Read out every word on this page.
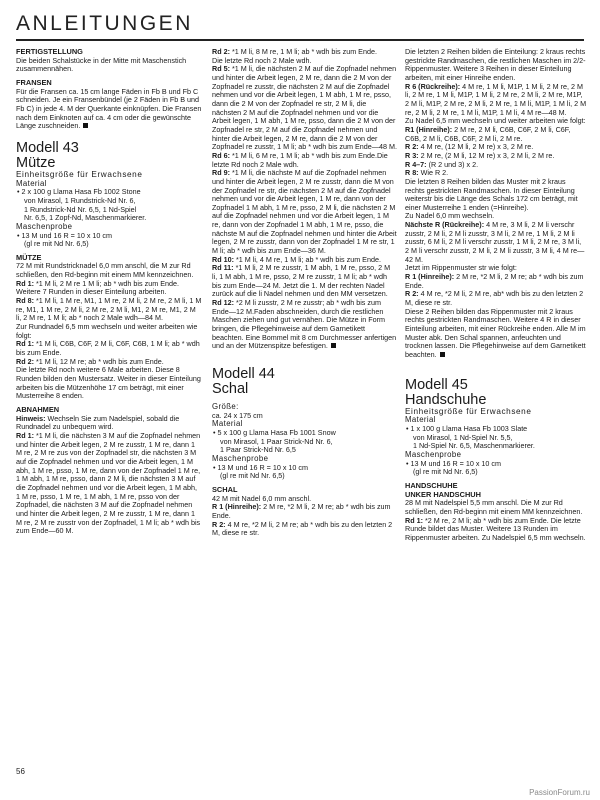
ANLEITUNGEN

FERTIGSTELLUNG

Die beiden Schalstücke in der Mitte mit Maschenstich zusammennähen.

FRANSEN

Für die Fransen ca. 15 cm lange Fäden in Fb B und Fb C schneiden. Je ein Fransenbündel (je 2 Fäden in Fb B und Fb C) in jede 4. M der Querkante einknüpfen. Die Fransen nach dem Einknoten auf ca. 4 cm oder die gewünschte Länge zuschneiden.

Modell 43
Mütze

Einheitsgröße für Erwachsene

Material

• 2 x 100 g Llama Hasa Fb 1002 Stone

von Mirasol, 1 Rundstrick-Nd Nr. 6,

1 Rundstrick-Nd Nr. 6,5, 1 Nd-Spiel

Nr. 6,5, 1 Zopf-Nd, Maschenmarkierer.

Maschenprobe

• 13 M und 16 R = 10 x 10 cm

(gl re mit Nd Nr. 6,5)

MÜTZE

72 M mit Rundstricknadel 6,0 mm anschl, die M zur Rd schließen, den Rd-beginn mit einem MM kennzeichnen.

Rd 1: *1 M li, 2 M re 1 M li; ab * wdh bis zum Ende.

Weitere 7 Runden in dieser Einteilung arbeiten.

Rd 8: *1 M li, 1 M re, M1, 1 M re, 2 M li, 2 M re, 2 M li, 1 M re, M1, 1 M re, 2 M li, 2 M re, 2 M li, M1, 2 M re, M1, 2 M li, 2 M re, 1 M li; ab * noch 2 Male wdh—84 M.

Zur Rundnadel 6,5 mm wechseln und weiter arbeiten wie folgt:

Rd 1: *1 M li, C6B, C6F, 2 M li, C6F, C6B, 1 M li; ab * wdh bis zum Ende.

Rd 2: *1 M li, 12 M re; ab * wdh bis zum Ende.

Die letzte Rd noch weitere 6 Male arbeiten. Diese 8 Runden bilden den Mustersatz. Weiter in dieser Einteilung arbeiten bis die Mützenhöhe 17 cm beträgt, mit einer Musterreihe 8 enden.

ABNAHMEN

Hinweis: Wechseln Sie zum Nadelspiel, sobald die Rundnadel zu unbequem wird.

Rd 1: *1 M li, die nächsten 3 M auf die Zopfnadel nehmen und hinter die Arbeit legen, 2 M re zusstr, 1 M re, dann 1 M re, 2 M re zus von der Zopfnadel str, die nächsten 3 M auf die Zopfnadel nehmen und vor die Arbeit legen, 1 M abh, 1 M re, psso, 1 M re, dann von der Zopfnadel 1 M re, 1 M abh, 1 M re, psso, dann 2 M li, die nächsten 3 M auf die Zopfnadel nehmen und vor die Arbeit legen, 1 M abh, 1 M re, psso, 1 M re, 1 M abh, 1 M re, psso von der Zopfnadel, die nächsten 3 M auf die Zopfnadel nehmen und hinter die Arbeit legen, 2 M re zusstr, 1 M re, dann 1 M re, 2 M re zusstr von der Zopfnadel, 1 M li; ab * wdh bis zum Ende—60 M.

Rd 2: *1 M li, 8 M re, 1 M li; ab * wdh bis zum Ende.

Die letzte Rd noch 2 Male wdh.

Rd 5: *1 M li, die nächsten 2 M auf die Zopfnadel nehmen und hinter die Arbeit legen, 2 M re, dann die 2 M von der Zopfnadel re zusstr, die nächsten 2 M auf die Zopfnadel nehmen und vor die Arbeit legen, 1 M abh, 1 M re, psso, dann die 2 M von der Zopfnadel re str, 2 M li, die nächsten 2 M auf die Zopfnadel nehmen und vor die Arbeit legen, 1 M abh, 1 M re, psso, dann die 2 M von der Zopfnadel re str, 2 M auf die Zopfnadel nehmen und hinter die Arbeit legen, 2 M re, dann die 2 M von der Zopfnadel re zusstr, 1 M li; ab * wdh bis zum Ende—48 M.

Rd 6: *1 M li, 6 M re, 1 M li; ab * wdh bis zum Ende.Die letzte Rd noch 2 Male wdh.

Rd 9: *1 M li, die nächste M auf die Zopfnadel nehmen und hinter die Arbeit legen, 2 M re zusstr, dann die M von der Zopfnadel re str, die nächsten 2 M auf die Zopfnadel nehmen und vor die Arbeit legen, 1 M re, dann von der Zopfnadel 1 M abh, 1 M re, psso, 2 M li, die nächsten 2 M auf die Zopfnadel nehmen und vor die Arbeit legen, 1 M re, dann von der Zopfnadel 1 M abh, 1 M re, psso, die nächste M auf die Zopfnadel nehmen und hinter die Arbeit legen, 2 M re zusstr, dann von der Zopfnadel 1 M re str, 1 M li; ab * wdh bis zum Ende—36 M.

Rd 10: *1 M li, 4 M re, 1 M li; ab * wdh bis zum Ende.

Rd 11: *1 M li, 2 M re zusstr, 1 M abh, 1 M re, psso, 2 M li, 1 M abh, 1 M re, psso, 2 M re zusstr, 1 M li; ab * wdh bis zum Ende—24 M. Jetzt die 1. M der rechten Nadel zurück auf die li Nadel nehmen und den MM versetzen.

Rd 12: *2 M li zusstr, 2 M re zusstr; ab * wdh bis zum Ende—12 M.Faden abschneiden, durch die restlichen Maschen ziehen und gut vernähen. Die Mütze in Form bringen, die Pflegehinweise auf dem Garnetikett beachten. Eine Bommel mit 8 cm Durchmesser anfertigen und an der Mützenspitze befestigen.

Modell 44
Schal

Größe:

ca. 24 x 175 cm

Material

• 5 x 100 g Llama Hasa Fb 1001 Snow

von Mirasol, 1 Paar Strick-Nd Nr. 6,

1 Paar Strick-Nd Nr. 6,5

Maschenprobe

• 13 M und 16 R = 10 x 10 cm

(gl re mit Nd Nr. 6,5)

SCHAL

42 M mit Nadel 6,0 mm anschl.

R 1 (Hinreihe): 2 M re, *2 M li, 2 M re; ab * wdh bis zum Ende.

R 2: 4 M re, *2 M li, 2 M re; ab * wdh bis zu den letzten 2 M, diese re str.

Die letzten 2 Reihen bilden die Einteilung: 2 kraus rechts gestrickte Randmaschen, die restlichen Maschen im 2/2-Rippenmuster. Weitere 3 Reihen in dieser Einteilung arbeiten, mit einer Hinreihe enden.

R 6 (Rückreihe): 4 M re, 1 M li, M1P, 1 M li, 2 M re, 2 M li, 2 M re, 1 M li, M1P, 1 M li, 2 M re, 2 M li, 2 M re, M1P, 2 M li, M1P, 2 M re, 2 M li, 2 M re, 1 M li, M1P, 1 M li, 2 M re, 2 M li, 2 M re, 1 M li, M1P, 1 M li, 4 M re—48 M.

Zu Nadel 6,5 mm wechseln und weiter arbeiten wie folgt:

R1 (Hinreihe): 2 M re, 2 M li, C6B, C6F, 2 M li, C6F, C6B, 2 M li, C6B, C6F, 2 M li, 2 M re.

R 2: 4 M re, (12 M li, 2 M re) x 3, 2 M re.

R 3: 2 M re, (2 M li, 12 M re) x 3, 2 M li, 2 M re.

R 4–7: (R 2 und 3) x 2.

R 8: Wie R 2.

Die letzten 8 Reihen bilden das Muster mit 2 kraus rechts gestrickten Randmaschen. In dieser Einteilung weiterstr bis die Länge des Schals 172 cm beträgt, mit einer Musterreihe 1 enden (=Hinreihe).

Zu Nadel 6,0 mm wechseln.

Nächste R (Rückreihe): 4 M re, 3 M li, 2 M li verschr zusstr, 2 M li, 2 M li zusstr, 3 M li, 2 M re, 1 M li, 2 M li zusstr, 6 M li, 2 M li verschr zusstr, 1 M li, 2 M re, 3 M li, 2 M li verschr zusstr, 2 M li, 2 M li zusstr, 3 M li, 4 M re—42 M.

Jetzt im Rippenmuster str wie folgt:

R 1 (Hinreihe): 2 M re, *2 M li, 2 M re; ab * wdh bis zum Ende.

R 2: 4 M re, *2 M li, 2 M re, ab* wdh bis zu den letzten 2 M, diese re str.

Diese 2 Reihen bilden das Rippenmuster mit 2 kraus rechts gestrickten Randmaschen. Weitere 4 R in dieser Einteilung arbeiten, mit einer Rückreihe enden. Alle M im Muster abk. Den Schal spannen, anfeuchten und trocknen lassen. Die Pflegehinweise auf dem Garnetikett beachten.

Modell 45
Handschuhe

Einheitsgröße für Erwachsene

Material

• 1 x 100 g Llama Hasa Fb 1003 Slate

von Mirasol, 1 Nd-Spiel Nr. 5,5,

1 Nd-Spiel Nr. 6,5, Maschenmarkierer.

Maschenprobe

• 13 M und 16 R = 10 x 10 cm

(gl re mit Nd Nr. 6,5)

HANDSCHUHE

UNKER HANDSCHUH

28 M mit Nadelspiel 5,5 mm anschl. Die M zur Rd schließen, den Rd-beginn mit einem MM kennzeichnen.

Rd 1: *2 M re, 2 M li; ab * wdh bis zum Ende. Die letzte Runde bildet das Muster. Weitere 13 Runden im Rippenmuster arbeiten. Zu Nadelspiel 6,5 mm wechseln.

56
PassionForum.ru
